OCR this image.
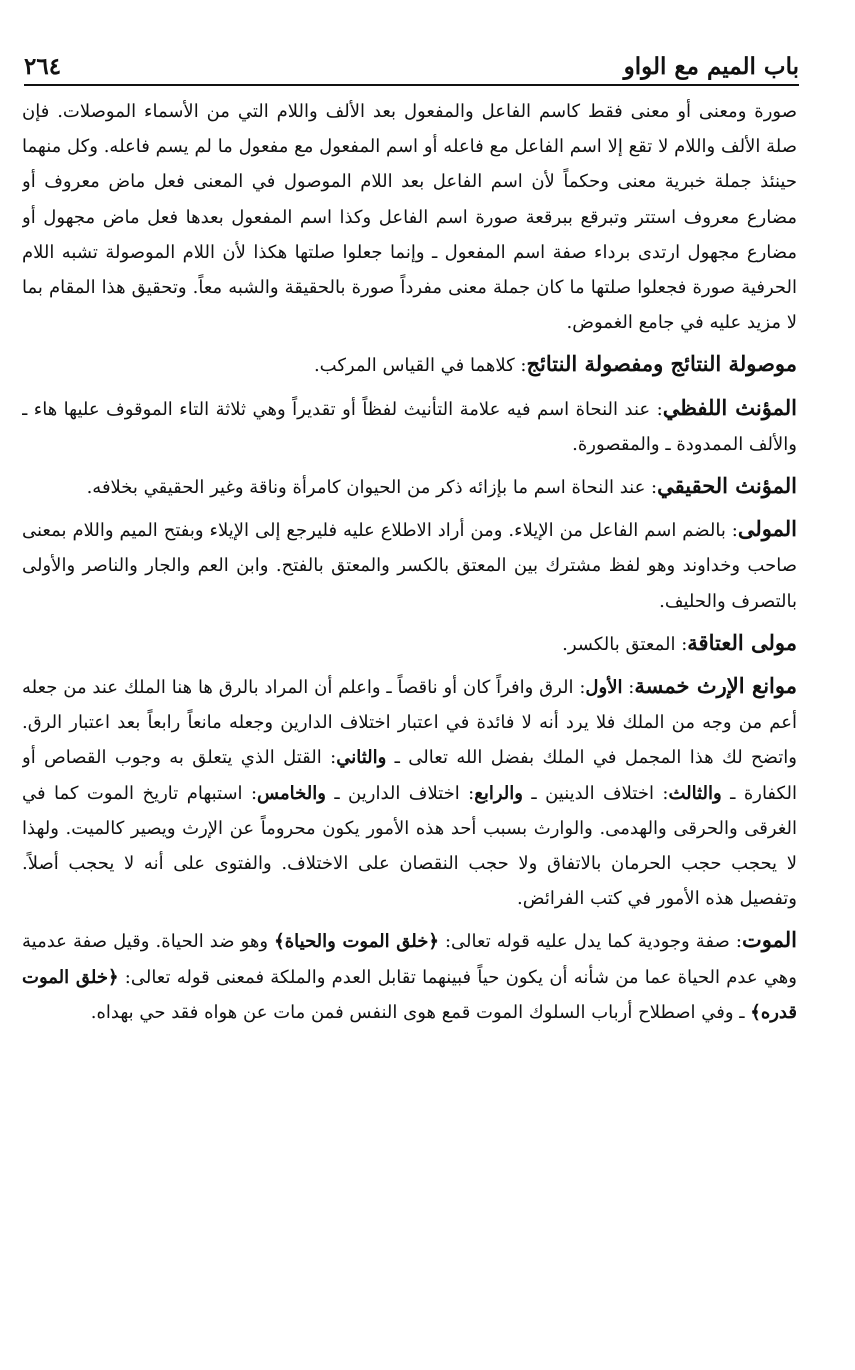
باب الميم مع الواو
٢٦٤

صورة ومعنى أو معنى فقط كاسم الفاعل والمفعول بعد الألف واللام التي من الأسماء الموصلات. فإن صلة الألف واللام لا تقع إلا اسم الفاعل مع فاعله أو اسم المفعول مع مفعول ما لم يسم فاعله. وكل منهما حينئذ جملة خبرية معنى وحكماً لأن اسم الفاعل بعد اللام الموصول في المعنى فعل ماض معروف أو مضارع معروف استتر وتبرقع ببرقعة صورة اسم الفاعل وكذا اسم المفعول بعدها فعل ماض مجهول أو مضارع مجهول ارتدى برداء صفة اسم المفعول ـ وإنما جعلوا صلتها هكذا لأن اللام الموصولة تشبه اللام الحرفية صورة فجعلوا صلتها ما كان جملة معنى مفرداً صورة بالحقيقة والشبه معاً. وتحقيق هذا المقام بما لا مزيد عليه في جامع الغموض.

موصولة النتائج ومفصولة النتائج: كلاهما في القياس المركب.

المؤنث اللفظي: عند النحاة اسم فيه علامة التأنيث لفظاً أو تقديراً وهي ثلاثة التاء الموقوف عليها هاء ـ والألف الممدودة ـ والمقصورة.

المؤنث الحقيقي: عند النحاة اسم ما بإزائه ذكر من الحيوان كامرأة وناقة وغير الحقيقي بخلافه.

المولى: بالضم اسم الفاعل من الإيلاء. ومن أراد الاطلاع عليه فليرجع إلى الإيلاء وبفتح الميم واللام بمعنى صاحب وخداوند وهو لفظ مشترك بين المعتق بالكسر والمعتق بالفتح. وابن العم والجار والناصر والأولى بالتصرف والحليف.

مولى العتاقة: المعتق بالكسر.

موانع الإرث خمسة: الأول: الرق وافراً كان أو ناقصاً ـ واعلم أن المراد بالرق ها هنا الملك عند من جعله أعم من وجه من الملك فلا يرد أنه لا فائدة في اعتبار اختلاف الدارين وجعله مانعاً رابعاً بعد اعتبار الرق. واتضح لك هذا المجمل في الملك بفضل الله تعالى ـ والثاني: القتل الذي يتعلق به وجوب القصاص أو الكفارة ـ والثالث: اختلاف الدينين ـ والرابع: اختلاف الدارين ـ والخامس: استبهام تاريخ الموت كما في الغرقى والحرقى والهدمى. والوارث بسبب أحد هذه الأمور يكون محروماً عن الإرث ويصير كالميت. ولهذا لا يحجب حجب الحرمان بالاتفاق ولا حجب النقصان على الاختلاف. والفتوى على أنه لا يحجب أصلاً. وتفصيل هذه الأمور في كتب الفرائض.

الموت: صفة وجودية كما يدل عليه قوله تعالى: ﴿خلق الموت والحياة﴾ وهو ضد الحياة. وقيل صفة عدمية وهي عدم الحياة عما من شأنه أن يكون حياً فبينهما تقابل العدم والملكة فمعنى قوله تعالى: ﴿خلق الموت قدره﴾ ـ وفي اصطلاح أرباب السلوك الموت قمع هوى النفس فمن مات عن هواه فقد حي بهداه.
